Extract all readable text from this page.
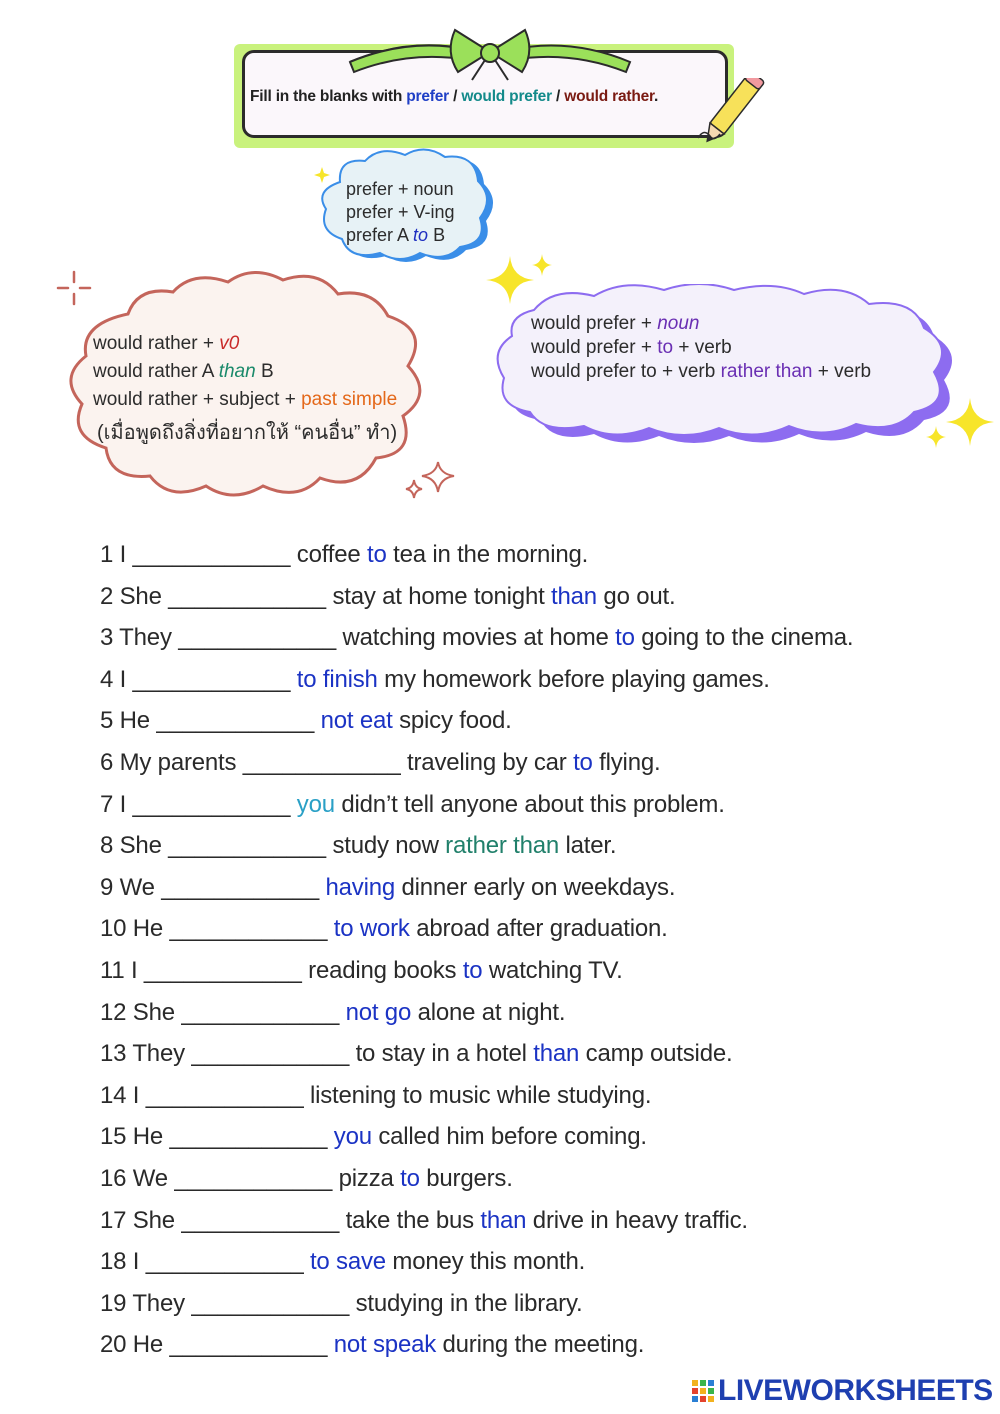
Fill in the blanks with prefer / would prefer / would rather.
prefer + noun
prefer + V-ing
prefer A to B
would rather + v0
would rather A than B
would rather + subject + past simple
(เมื่อพูดถึงสิ่งที่อยากให้ “คนอื่น” ทำ)
would prefer + noun
would prefer + to + verb
would prefer to + verb rather than + verb
1 I ____________ coffee to tea in the morning.
2 She ____________ stay at home tonight than go out.
3 They ____________ watching movies at home to going to the cinema.
4 I ____________ to finish my homework before playing games.
5 He ____________ not eat spicy food.
6 My parents ____________ traveling by car to flying.
7 I ____________ you didn’t tell anyone about this problem.
8 She ____________ study now rather than later.
9 We ____________ having dinner early on weekdays.
10 He ____________ to work abroad after graduation.
11 I ____________ reading books to watching TV.
12 She ____________ not go alone at night.
13 They ____________ to stay in a hotel than camp outside.
14 I ____________ listening to music while studying.
15 He ____________ you called him before coming.
16 We ____________ pizza to burgers.
17 She ____________ take the bus than drive in heavy traffic.
18 I ____________ to save money this month.
19 They ____________ studying in the library.
20 He ____________ not speak during the meeting.
LIVEWORKSHEETS
